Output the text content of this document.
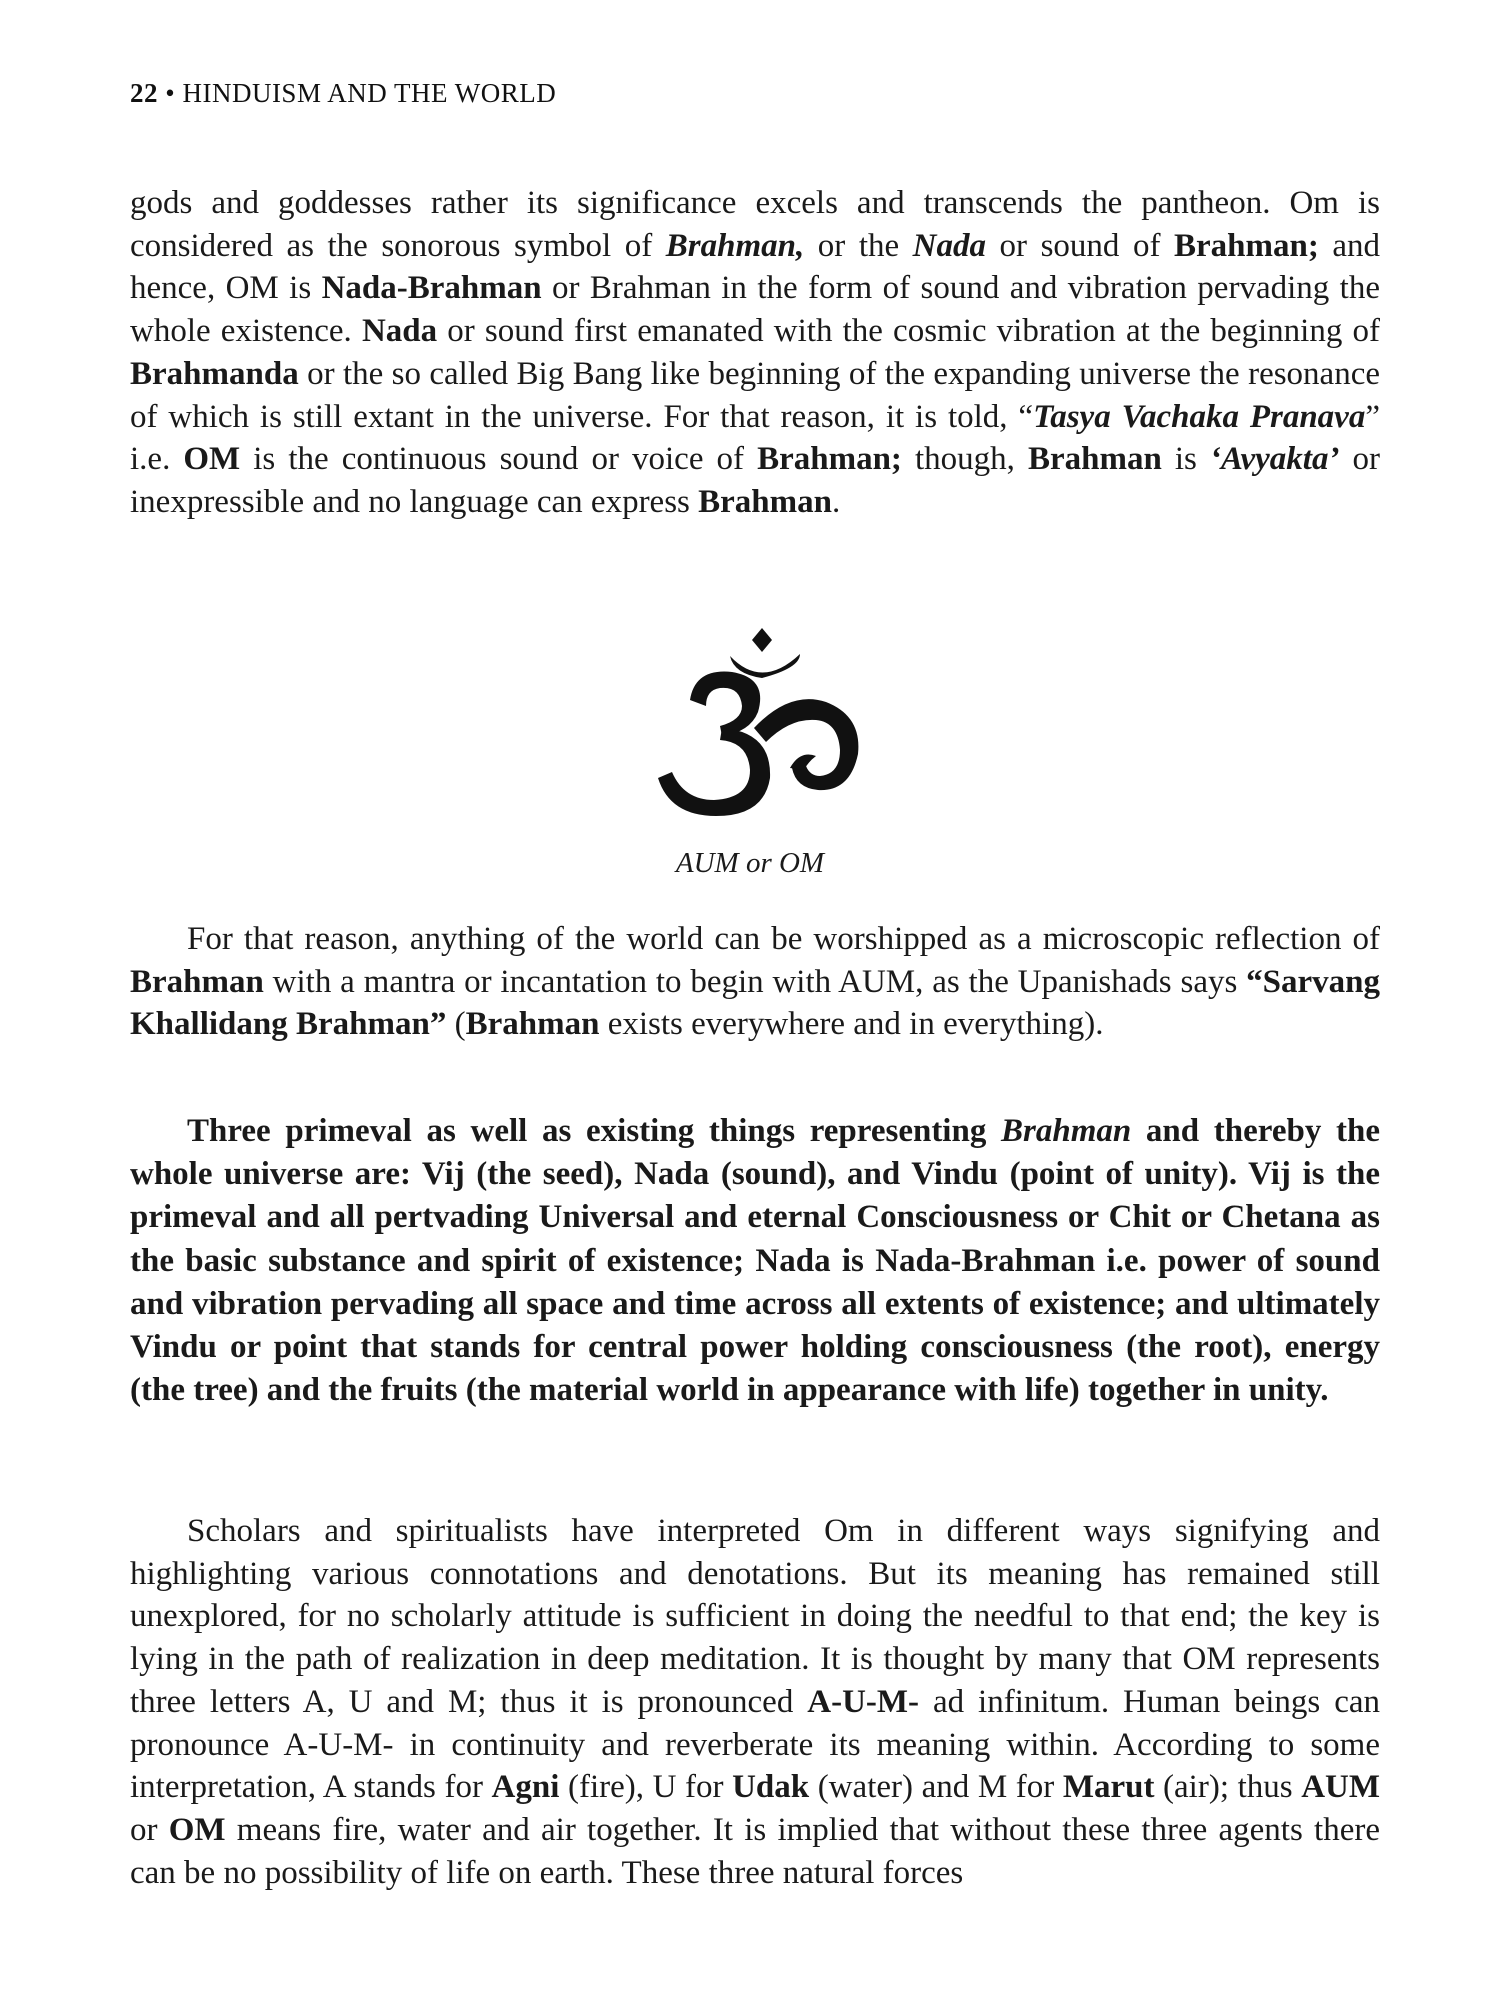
22 • HINDUISM AND THE WORLD

gods and goddesses rather its significance excels and transcends the pantheon. Om is considered as the sonorous symbol of Brahman, or the Nada or sound of Brahman; and hence, OM is Nada-Brahman or Brahman in the form of sound and vibration pervading the whole existence. Nada or sound first emanated with the cosmic vibration at the beginning of Brahmanda or the so called Big Bang like beginning of the expanding universe the resonance of which is still extant in the universe. For that reason, it is told, “Tasya Vachaka Pranava” i.e. OM is the continuous sound or voice of Brahman; though, Brahman is ‘Avyakta’ or inexpressible and no language can express Brahman.

AUM or OM

For that reason, anything of the world can be worshipped as a microscopic reflection of Brahman with a mantra or incantation to begin with AUM, as the Upanishads says “Sarvang Khallidang Brahman” (Brahman exists everywhere and in everything).

Three primeval as well as existing things representing Brahman and thereby the whole universe are: Vij (the seed), Nada (sound), and Vindu (point of unity). Vij is the primeval and all pertvading Universal and eternal Consciousness or Chit or Chetana as the basic substance and spirit of existence; Nada is Nada-Brahman i.e. power of sound and vibration pervading all space and time across all extents of existence; and ultimately Vindu or point that stands for central power holding consciousness (the root), energy (the tree) and the fruits (the material world in appearance with life) together in unity.

Scholars and spiritualists have interpreted Om in different ways signifying and highlighting various connotations and denotations. But its meaning has remained still unexplored, for no scholarly attitude is sufficient in doing the needful to that end; the key is lying in the path of realization in deep meditation. It is thought by many that OM represents three letters A, U and M; thus it is pronounced A-U-M- ad infinitum. Human beings can pronounce A-U-M- in continuity and reverberate its meaning within. According to some interpretation, A stands for Agni (fire), U for Udak (water) and M for Marut (air); thus AUM or OM means fire, water and air together. It is implied that without these three agents there can be no possibility of life on earth. These three natural forces
